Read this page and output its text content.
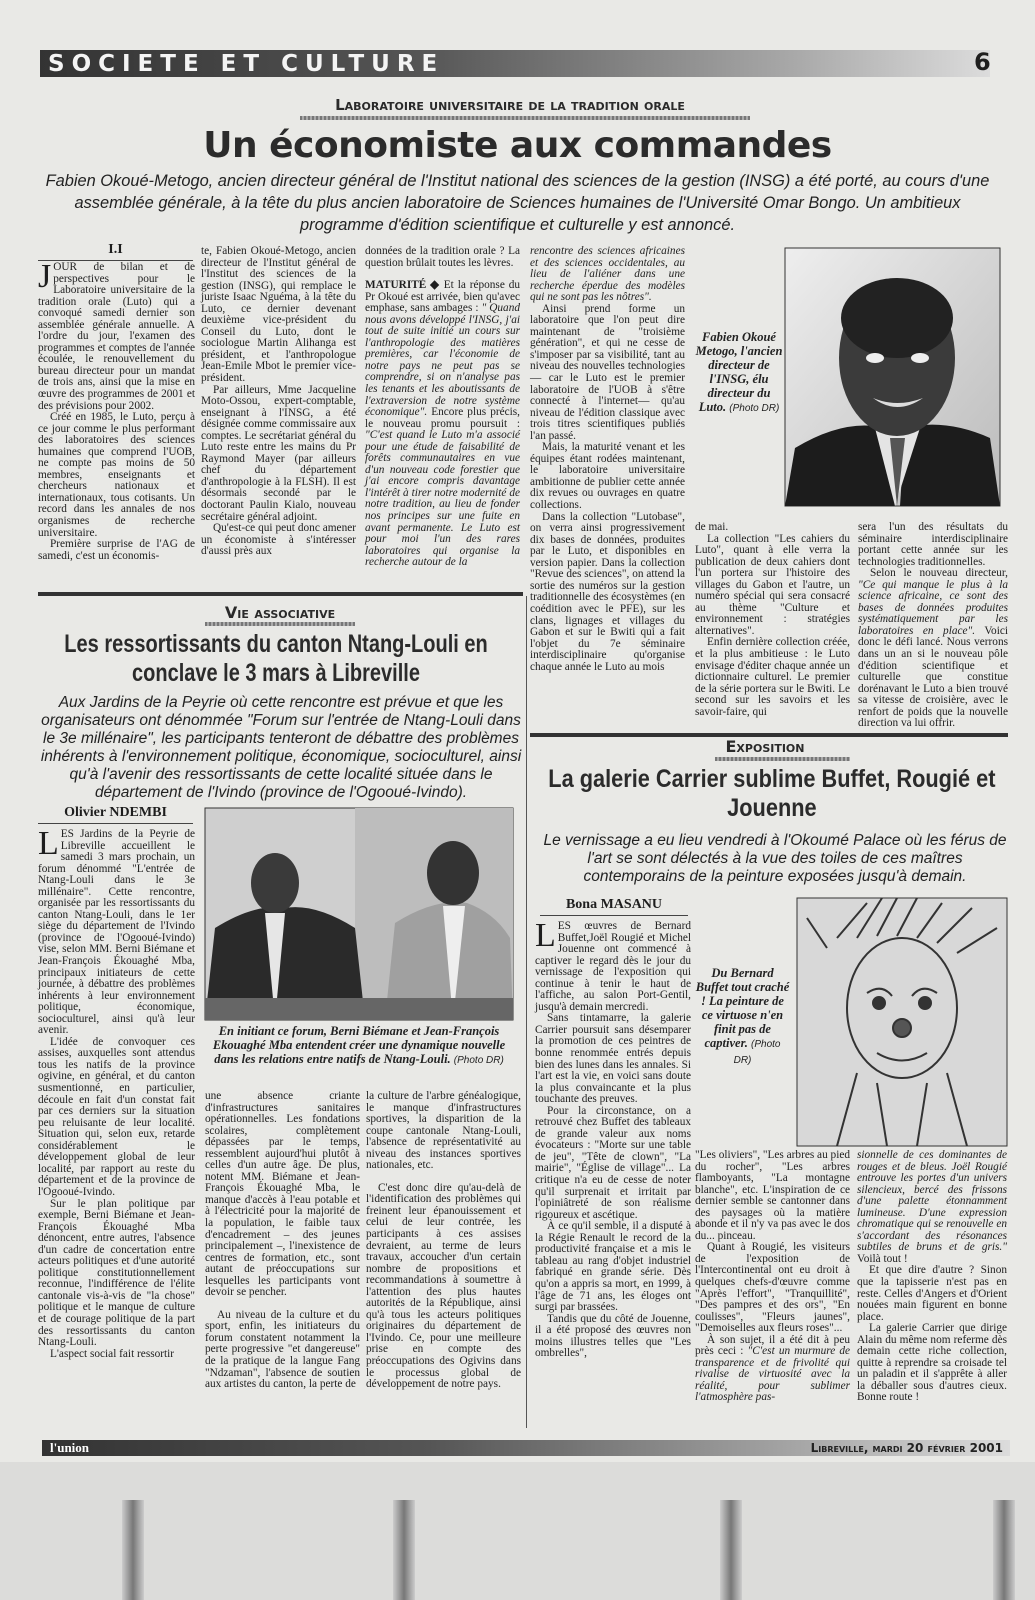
SOCIETE ET CULTURE	6
Laboratoire universitaire de la tradition orale
Un économiste aux commandes
Fabien Okoué-Metogo, ancien directeur général de l'Institut national des sciences de la gestion (INSG) a été porté, au cours d'une assemblée générale, à la tête du plus ancien laboratoire de Sciences humaines de l'Université Omar Bongo. Un ambitieux programme d'édition scientifique et culturelle y est annoncé.
I.I

JOUR de bilan et de perspectives pour le Laboratoire universitaire de la tradition orale (Luto) qui a convoqué samedi dernier son assemblée générale annuelle. A l'ordre du jour, l'examen des programmes et comptes de l'année écoulée, le renouvellement du bureau directeur pour un mandat de trois ans, ainsi que la mise en œuvre des programmes de 2001 et des prévisions pour 2002.

Créé en 1985, le Luto, perçu à ce jour comme le plus performant des laboratoires des sciences humaines que comprend l'UOB, ne compte pas moins de 50 membres, enseignants et chercheurs nationaux et internationaux, tous cotisants. Un record dans les annales de nos organismes de recherche universitaire.

Première surprise de l'AG de samedi, c'est un économis-

te, Fabien Okoué-Metogo, ancien directeur de l'Institut général de l'Institut des sciences de la gestion (INSG), qui remplace le juriste Isaac Nguéma, à la tête du Luto, ce dernier devenant deuxième vice-président du Conseil du Luto, dont le sociologue Martin Alihanga est président, et l'anthropologue Jean-Emile Mbot le premier vice-président.

Par ailleurs, Mme Jacqueline Moto-Ossou, expert-comptable, enseignant à l'INSG, a été désignée comme commissaire aux comptes. Le secrétariat général du Luto reste entre les mains du Pr Raymond Mayer (par ailleurs chef du département d'anthropologie à la FLSH). Il est désormais secondé par le doctorant Paulin Kialo, nouveau secrétaire général adjoint.

Qu'est-ce qui peut donc amener un économiste à s'intéresser d'aussi près aux

données de la tradition orale ? La question brûlait toutes les lèvres.

MATURITÉ ◆ Et la réponse du Pr Okoué est arrivée, bien qu'avec emphase, sans ambages : " Quand nous avons développé l'INSG, j'ai tout de suite initié un cours sur l'anthropologie des matières premières, car l'économie de notre pays ne peut pas se comprendre, si on n'analyse pas les tenants et les aboutissants de l'extraversion de notre système économique". Encore plus précis, le nouveau promu poursuit : "C'est quand le Luto m'a associé pour une étude de faisabilité de forêts communautaires en vue d'un nouveau code forestier que j'ai encore compris davantage l'intérêt à tirer notre modernité de notre tradition, au lieu de fonder nos principes sur une fuite en avant permanente. Le Luto est pour moi l'un des rares laboratoires qui organise la recherche autour de la

rencontre des sciences africaines et des sciences occidentales, au lieu de l'aliéner dans une recherche éperdue des modèles qui ne sont pas les nôtres".

Ainsi prend forme un laboratoire que l'on peut dire maintenant de "troisième génération", et qui ne cesse de s'imposer par sa visibilité, tant au niveau des nouvelles technologies— car le Luto est le premier laboratoire de l'UOB à s'être connecté à l'internet— qu'au niveau de l'édition classique avec trois titres scientifiques publiés l'an passé.

Mais, la maturité venant et les équipes étant rodées maintenant, le laboratoire universitaire ambitionne de publier cette année dix revues ou ouvrages en quatre collections.

Dans la collection "Lutobase", on verra ainsi progressivement dix bases de données, produites par le Luto, et disponibles en version papier. Dans la collection "Revue des sciences", on attend la sortie des numéros sur la gestion traditionnelle des écosystèmes (en coédition avec le PFE), sur les clans, lignages et villages du Gabon et sur le Bwiti qui a fait l'objet du 7e séminaire interdisciplinaire qu'organise chaque année le Luto au mois

de mai.

La collection "Les cahiers du Luto", quant à elle verra la publication de deux cahiers dont l'un portera sur l'histoire des villages du Gabon et l'autre, un numéro spécial qui sera consacré au thème "Culture et environnement : stratégies alternatives".

Enfin dernière collection créée, et la plus ambitieuse : le Luto envisage d'éditer chaque année un dictionnaire culturel. Le premier de la série portera sur le Bwiti. Le second sur les savoirs et les savoir-faire, qui

sera l'un des résultats du séminaire interdisciplinaire portant cette année sur les technologies traditionnelles.

Selon le nouveau directeur, "Ce qui manque le plus à la science africaine, ce sont des bases de données produites systématiquement par les laboratoires en place". Voici donc le défi lancé. Nous verrons dans un an si le nouveau pôle d'édition scientifique et culturelle que constitue dorénavant le Luto a bien trouvé sa vitesse de croisière, avec le renfort de poids que la nouvelle direction va lui offrir.

Fabien Okoué Metogo, l'ancien directeur de l'INSG, élu directeur du Luto. (Photo DR)
Vie associative
Les ressortissants du canton Ntang-Louli en conclave le 3 mars à Libreville
Aux Jardins de la Peyrie où cette rencontre est prévue et que les organisateurs ont dénommée "Forum sur l'entrée de Ntang-Louli dans le 3e millénaire", les participants tenteront de débattre des problèmes inhérents à l'environnement politique, économique, socioculturel, ainsi qu'à l'avenir des ressortissants de cette localité située dans le département de l'Ivindo (province de l'Ogooué-Ivindo).
Olivier NDEMBI

LES Jardins de la Peyrie de Libreville accueillent le samedi 3 mars prochain, un forum dénommé "L'entrée de Ntang-Louli dans le 3e millénaire". Cette rencontre, organisée par les ressortissants du canton Ntang-Louli, dans le 1er siège du département de l'Ivindo (province de l'Ogooué-Ivindo) vise, selon MM. Berni Biémane et Jean-François Ékouaghé Mba, principaux initiateurs de cette journée, à débattre des problèmes inhérents à leur environnement politique, économique, socioculturel, ainsi qu'à leur avenir.

L'idée de convoquer ces assises, auxquelles sont attendus tous les natifs de la province ogivine, en général, et du canton susmentionné, en particulier, découle en fait d'un constat fait par ces derniers sur la situation peu reluisante de leur localité. Situation qui, selon eux, retarde considérablement le développement global de leur localité, par rapport au reste du département et de la province de l'Ogooué-Ivindo.

Sur le plan politique par exemple, Berni Biémane et Jean-François Ékouaghé Mba dénoncent, entre autres, l'absence d'un cadre de concertation entre acteurs politiques et d'une autorité politique constitutionnellement reconnue, l'indifférence de l'élite cantonale vis-à-vis de "la chose" politique et le manque de culture et de courage politique de la part des ressortissants du canton Ntang-Louli.

L'aspect social fait ressortir

En initiant ce forum, Berni Biémane et Jean-François Ekouaghé Mba entendent créer une dynamique nouvelle dans les relations entre natifs de Ntang-Louli. (Photo DR)

une absence criante d'infrastructures sanitaires opérationnelles. Les fondations scolaires, complètement dépassées par le temps, ressemblent aujourd'hui plutôt à celles d'un autre âge. De plus, notent MM. Biémane et Jean-François Ékouaghé Mba, le manque d'accès à l'eau potable et à l'électricité pour la majorité de la population, le faible taux d'encadrement – des jeunes principalement –, l'inexistence de centres de formation, etc., sont autant de préoccupations sur lesquelles les participants vont devoir se pencher.

Au niveau de la culture et du sport, enfin, les initiateurs du forum constatent notamment la perte progressive "et dangereuse" de la pratique de la langue Fang "Ndzaman", l'absence de soutien aux artistes du canton, la perte de

la culture de l'arbre généalogique, le manque d'infrastructures sportives, la disparition de la coupe cantonale Ntang-Louli, l'absence de représentativité au niveau des instances sportives nationales, etc.

C'est donc dire qu'au-delà de l'identification des problèmes qui freinent leur épanouissement et celui de leur contrée, les participants à ces assises devraient, au terme de leurs travaux, accoucher d'un certain nombre de propositions et recommandations à soumettre à l'attention des plus hautes autorités de la République, ainsi qu'à tous les acteurs politiques originaires du département de l'Ivindo. Ce, pour une meilleure prise en compte des préoccupations des Ogivins dans le processus global de développement de notre pays.

Exposition
La galerie Carrier sublime Buffet, Rougié et Jouenne
Le vernissage a eu lieu vendredi à l'Okoumé Palace où les férus de l'art se sont délectés à la vue des toiles de ces maîtres contemporains de la peinture exposées jusqu'à demain.
Bona MASANU

LES œuvres de Bernard Buffet,Joël Rougié et Michel Jouenne ont commencé à captiver le regard dès le jour du vernissage de l'exposition qui continue à tenir le haut de l'affiche, au salon Port-Gentil, jusqu'à demain mercredi.

Sans tintamarre, la galerie Carrier poursuit sans désemparer la promotion de ces peintres de bonne renommée entrés depuis bien des lunes dans les annales. Si l'art est la vie, en voici sans doute la plus convaincante et la plus touchante des preuves.

Pour la circonstance, on a retrouvé chez Buffet des tableaux de grande valeur aux noms évocateurs : "Morte sur une table de jeu", "Tête de clown", "La mairie", "Église de village"... La critique n'a eu de cesse de noter qu'il surprenait et irritait par l'opiniâtreté de son réalisme rigoureux et ascétique.

À ce qu'il semble, il a disputé à la Régie Renault le record de la productivité française et a mis le tableau au rang d'objet industriel fabriqué en grande série. Dès qu'on a appris sa mort, en 1999, à l'âge de 71 ans, les éloges ont surgi par brassées.

Tandis que du côté de Jouenne, il a été proposé des œuvres non moins illustres telles que "Les ombrelles",

Du Bernard Buffet tout craché ! La peinture de ce virtuose n'en finit pas de captiver. (Photo DR)

"Les oliviers", "Les arbres au pied du rocher", "Les arbres flamboyants, "La montagne blanche", etc. L'inspiration de ce dernier semble se cantonner dans des paysages où la matière abonde et il n'y va pas avec le dos du... pinceau.

Quant à Rougié, les visiteurs de l'exposition de l'Intercontinental ont eu droit à quelques chefs-d'œuvre comme "Après l'effort", "Tranquillité", "Des pampres et des ors", "En coulisses", "Fleurs jaunes", "Demoiselles aux fleurs roses"...

À son sujet, il a été dit à peu près ceci : "C'est un murmure de transparence et de frivolité qui rivalise de virtuosité avec la réalité, pour sublimer l'atmosphère pas-

sionnelle de ces dominantes de rouges et de bleus. Joël Rougié entrouve les portes d'un univers silencieux, bercé des frissons d'une palette étonnamment lumineuse. D'une expression chromatique qui se renouvelle en s'accordant des résonances subtiles de bruns et de gris." Voilà tout !

Et que dire d'autre ? Sinon que la tapisserie n'est pas en reste. Celles d'Angers et d'Orient nouées main figurent en bonne place.

La galerie Carrier que dirige Alain du même nom referme dès demain cette riche collection, quitte à reprendre sa croisade tel un paladin et il s'apprête à aller la déballer sous d'autres cieux. Bonne route !

l'union	Libreville, mardi 20 février 2001
